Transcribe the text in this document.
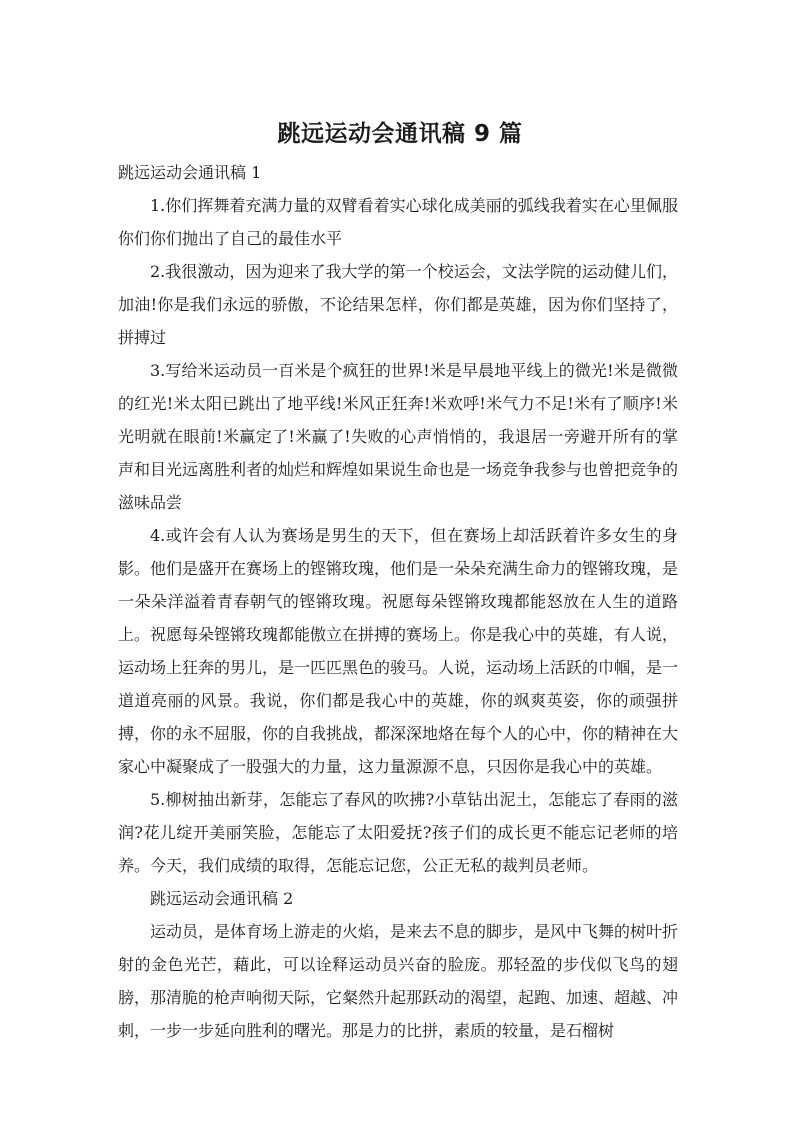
跳远运动会通讯稿 9 篇

跳远运动会通讯稿 1

1.你们挥舞着充满力量的双臂看着实心球化成美丽的弧线我着实在心里佩服你们你们抛出了自己的最佳水平

2.我很激动，因为迎来了我大学的第一个校运会，文法学院的运动健儿们，加油!你是我们永远的骄傲，不论结果怎样，你们都是英雄，因为你们坚持了，拼搏过

3.写给米运动员一百米是个疯狂的世界!米是早晨地平线上的微光!米是微微的红光!米太阳已跳出了地平线!米风正狂奔!米欢呼!米气力不足!米有了顺序!米光明就在眼前!米赢定了!米赢了!失败的心声悄悄的，我退居一旁避开所有的掌声和目光远离胜利者的灿烂和辉煌如果说生命也是一场竞争我参与也曾把竞争的滋味品尝

4.或许会有人认为赛场是男生的天下，但在赛场上却活跃着许多女生的身影。他们是盛开在赛场上的铿锵玫瑰，他们是一朵朵充满生命力的铿锵玫瑰，是一朵朵洋溢着青春朝气的铿锵玫瑰。祝愿每朵铿锵玫瑰都能怒放在人生的道路上。祝愿每朵铿锵玫瑰都能傲立在拼搏的赛场上。你是我心中的英雄，有人说，运动场上狂奔的男儿，是一匹匹黑色的骏马。人说，运动场上活跃的巾帼，是一道道亮丽的风景。我说，你们都是我心中的英雄，你的飒爽英姿，你的顽强拼搏，你的永不屈服，你的自我挑战，都深深地烙在每个人的心中，你的精神在大家心中凝聚成了一股强大的力量，这力量源源不息，只因你是我心中的英雄。

5.柳树抽出新芽，怎能忘了春风的吹拂?小草钻出泥土，怎能忘了春雨的滋润?花儿绽开美丽笑脸，怎能忘了太阳爱抚?孩子们的成长更不能忘记老师的培养。今天，我们成绩的取得，怎能忘记您，公正无私的裁判员老师。

跳远运动会通讯稿 2

运动员，是体育场上游走的火焰，是来去不息的脚步，是风中飞舞的树叶折射的金色光芒，藉此，可以诠释运动员兴奋的脸庞。那轻盈的步伐似飞鸟的翅膀，那清脆的枪声响彻天际，它粲然升起那跃动的渴望，起跑、加速、超越、冲刺，一步一步延向胜利的曙光。那是力的比拼，素质的较量，是石榴树
